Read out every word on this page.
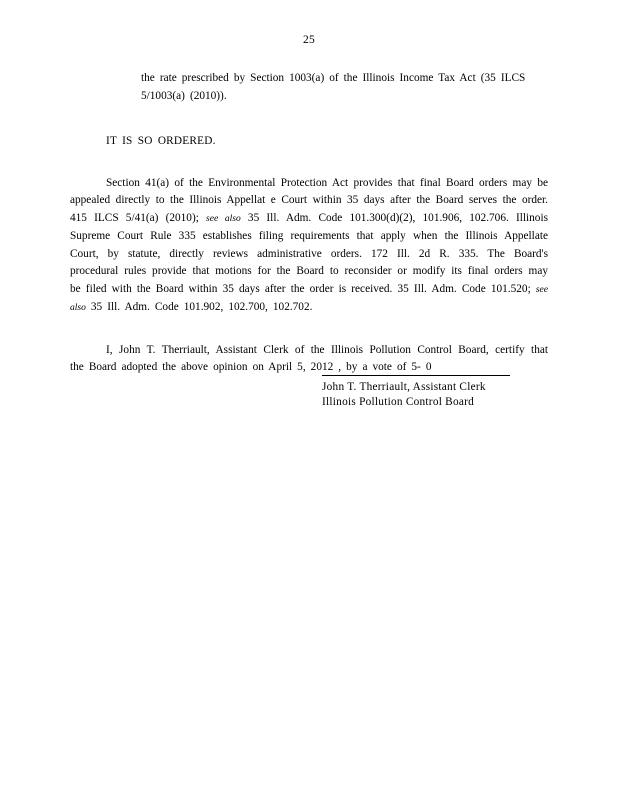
25

the rate prescribed by Section 1003(a) of the Illinois Income Tax Act (35 ILCS

5/1003(a) (2010)).

IT IS SO ORDERED.

Section 41(a) of the Environmental Protection Act provides that final Board orders may be appealed directly to the Illinois Appellat e Court within 35 days after the Board serves the order. 415 ILCS 5/41(a) (2010); see also 35 Ill. Adm. Code 101.300(d)(2), 101.906, 102.706. Illinois Supreme Court Rule 335 establishes filing requirements that apply when the Illinois Appellate Court, by statute, directly reviews administrative orders. 172 Ill. 2d R. 335. The Board's procedural rules provide that motions for the Board to reconsider or modify its final orders may be filed with the Board within 35 days after the order is received. 35 Ill. Adm. Code 101.520; see also 35 Ill. Adm. Code 101.902, 102.700, 102.702.

I, John T. Therriault, Assistant Clerk of the Illinois Pollution Control Board, certify that the Board adopted the above opinion on April 5, 2012 , by a vote of 5- 0

John T. Therriault, Assistant Clerk
Illinois Pollution Control Board
